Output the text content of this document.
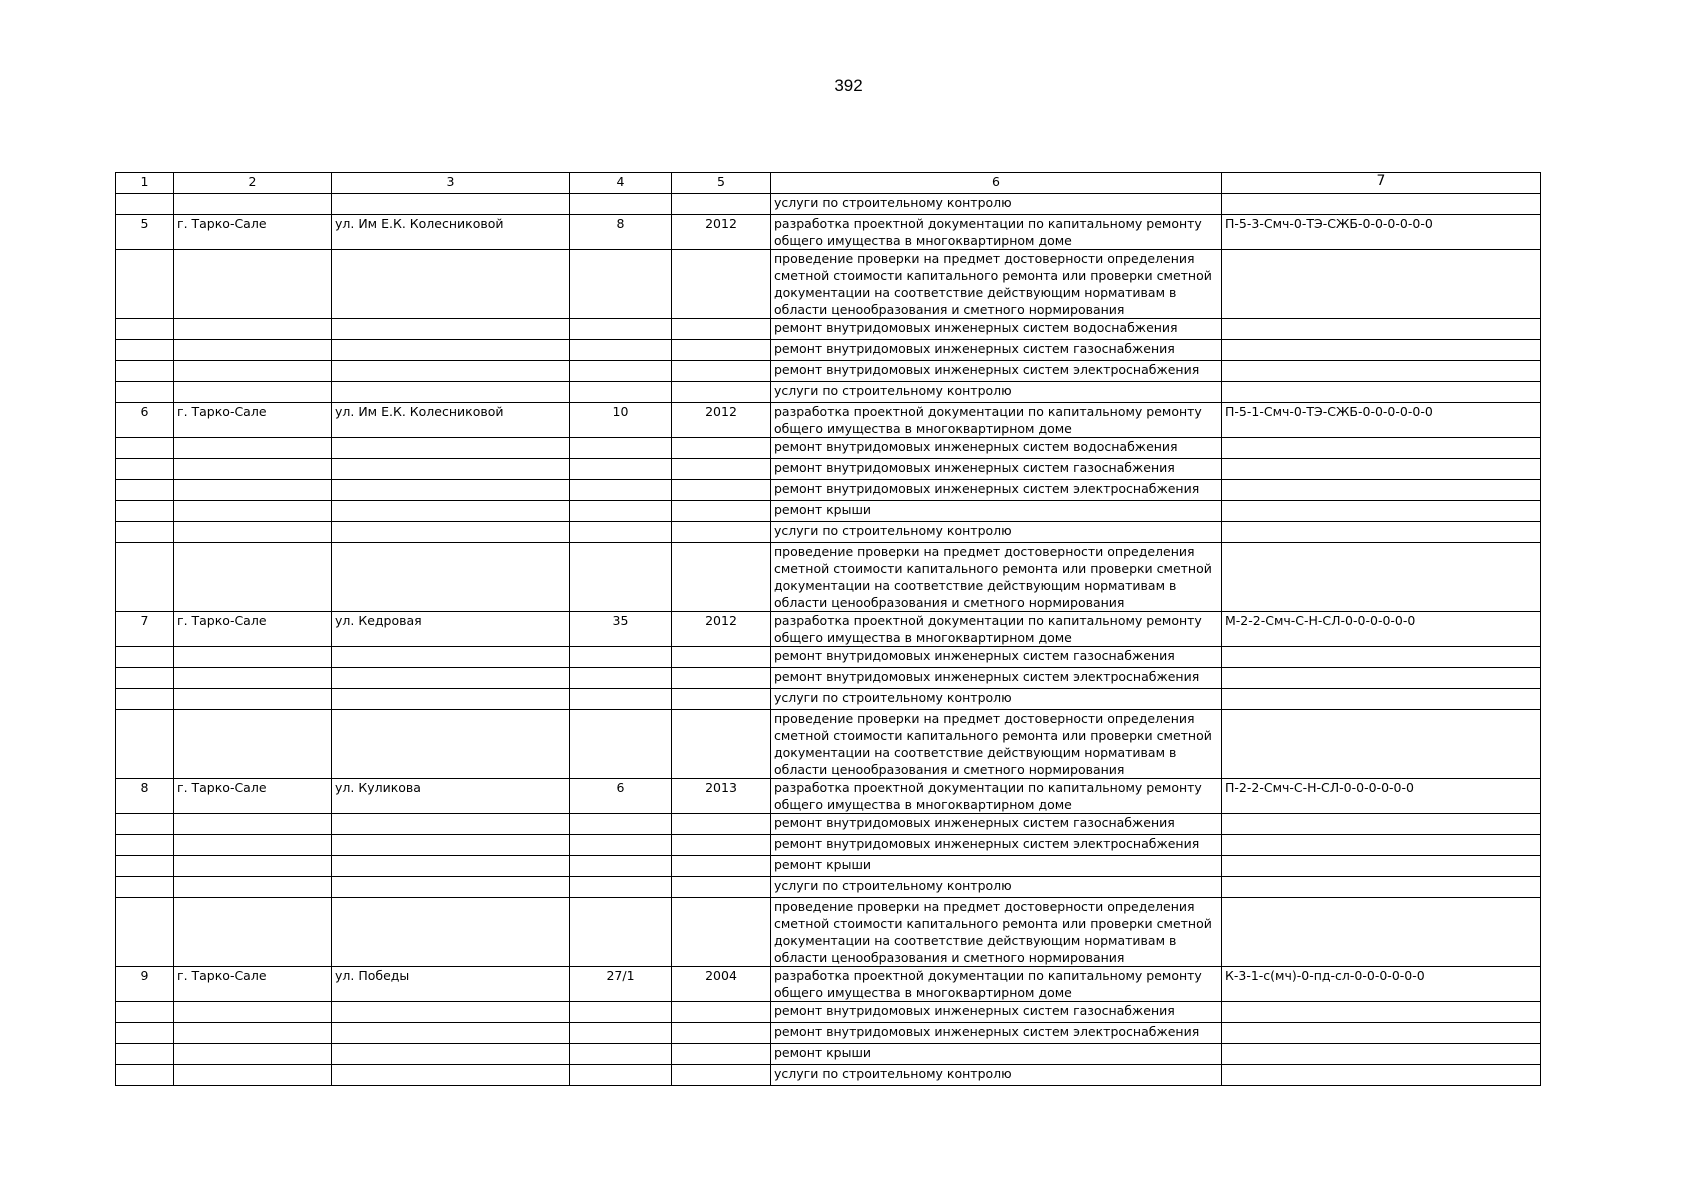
392
1	2	3	4	5	6	7
					услуги по строительному контролю	
5	г. Тарко-Сале	ул. Им Е.К. Колесниковой	8	2012	разработка проектной документации по капитальному ремонту общего имущества в многоквартирном доме	П-5-3-Смч-0-ТЭ-СЖБ-0-0-0-0-0-0
					проведение проверки на предмет достоверности определения сметной стоимости капитального ремонта или проверки сметной документации на соответствие действующим нормативам в области ценообразования и сметного нормирования	
					ремонт внутридомовых инженерных систем водоснабжения	
					ремонт внутридомовых инженерных систем газоснабжения	
					ремонт внутридомовых инженерных систем электроснабжения	
					услуги по строительному контролю	
6	г. Тарко-Сале	ул. Им Е.К. Колесниковой	10	2012	разработка проектной документации по капитальному ремонту общего имущества в многоквартирном доме	П-5-1-Смч-0-ТЭ-СЖБ-0-0-0-0-0-0
					ремонт внутридомовых инженерных систем водоснабжения	
					ремонт внутридомовых инженерных систем газоснабжения	
					ремонт внутридомовых инженерных систем электроснабжения	
					ремонт крыши	
					услуги по строительному контролю	
					проведение проверки на предмет достоверности определения сметной стоимости капитального ремонта или проверки сметной документации на соответствие действующим нормативам в области ценообразования и сметного нормирования	
7	г. Тарко-Сале	ул. Кедровая	35	2012	разработка проектной документации по капитальному ремонту общего имущества в многоквартирном доме	М-2-2-Смч-С-Н-СЛ-0-0-0-0-0-0
					ремонт внутридомовых инженерных систем газоснабжения	
					ремонт внутридомовых инженерных систем электроснабжения	
					услуги по строительному контролю	
					проведение проверки на предмет достоверности определения сметной стоимости капитального ремонта или проверки сметной документации на соответствие действующим нормативам в области ценообразования и сметного нормирования	
8	г. Тарко-Сале	ул. Куликова	6	2013	разработка проектной документации по капитальному ремонту общего имущества в многоквартирном доме	П-2-2-Смч-С-Н-СЛ-0-0-0-0-0-0
					ремонт внутридомовых инженерных систем газоснабжения	
					ремонт внутридомовых инженерных систем электроснабжения	
					ремонт крыши	
					услуги по строительному контролю	
					проведение проверки на предмет достоверности определения сметной стоимости капитального ремонта или проверки сметной документации на соответствие действующим нормативам в области ценообразования и сметного нормирования	
9	г. Тарко-Сале	ул. Победы	27/1	2004	разработка проектной документации по капитальному ремонту общего имущества в многоквартирном доме	К-3-1-с(мч)-0-пд-сл-0-0-0-0-0-0
					ремонт внутридомовых инженерных систем газоснабжения	
					ремонт внутридомовых инженерных систем электроснабжения	
					ремонт крыши	
					услуги по строительному контролю	
